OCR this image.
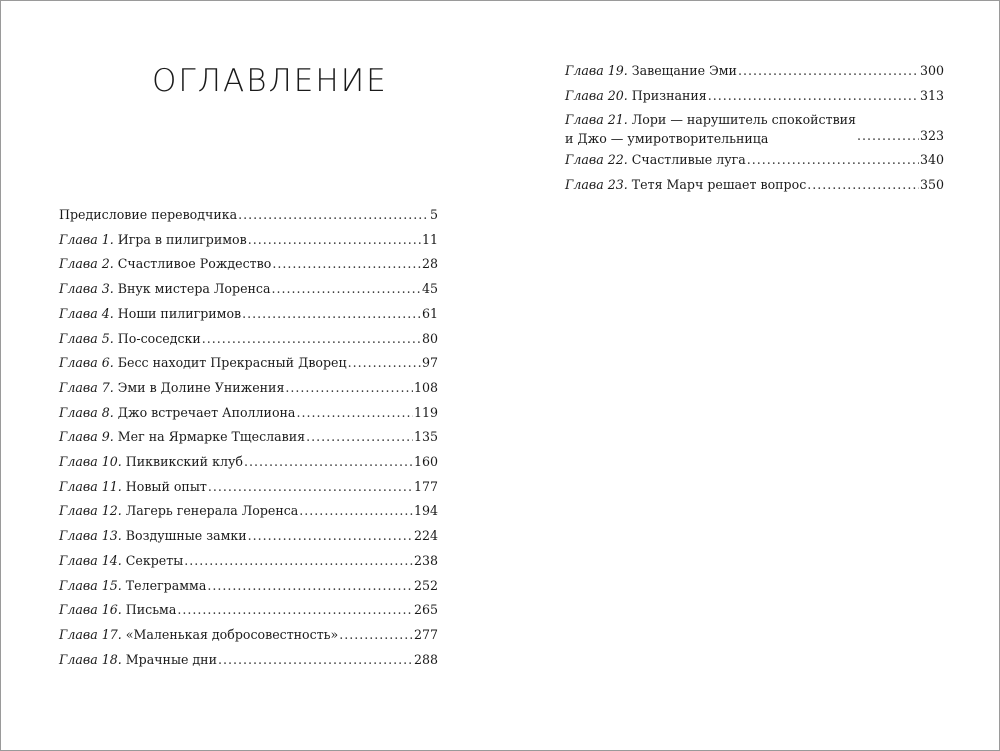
ОГЛАВЛЕНИЕ
Предисловие переводчика .....	5
Глава 1. Игра в пилигримов .....	11
Глава 2. Счастливое Рождество .....	28
Глава 3. Внук мистера Лоренса .....	45
Глава 4. Ноши пилигримов .....	61
Глава 5. По-соседски .....	80
Глава 6. Бесс находит Прекрасный Дворец .....	97
Глава 7. Эми в Долине Унижения .....	108
Глава 8. Джо встречает Аполлиона .....	119
Глава 9. Мег на Ярмарке Тщеславия .....	135
Глава 10. Пиквикский клуб .....	160
Глава 11. Новый опыт .....	177
Глава 12. Лагерь генерала Лоренса .....	194
Глава 13. Воздушные замки .....	224
Глава 14. Секреты .....	238
Глава 15. Телеграмма .....	252
Глава 16. Письма .....	265
Глава 17. «Маленькая добросовестность» .....	277
Глава 18. Мрачные дни .....	288
Глава 19. Завещание Эми .....	300
Глава 20. Признания .....	313
Глава 21. Лори — нарушитель спокойствия
и Джо — умиротворительница .....	323
Глава 22. Счастливые луга .....	340
Глава 23. Тетя Марч решает вопрос .....	350
